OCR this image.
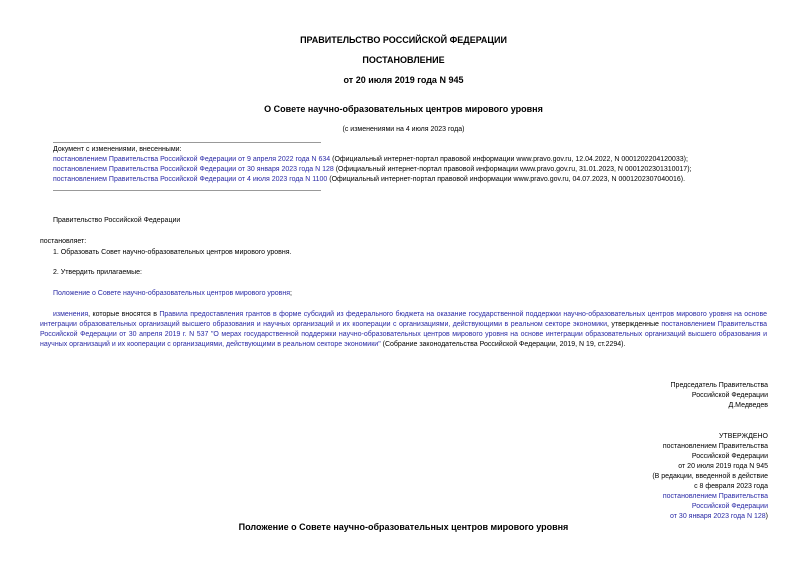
ПРАВИТЕЛЬСТВО РОССИЙСКОЙ ФЕДЕРАЦИИ
ПОСТАНОВЛЕНИЕ
от 20 июля 2019 года N 945
О Совете научно-образовательных центров мирового уровня
(с изменениями на 4 июля 2023 года)

Документ с изменениями, внесенными:

постановлением Правительства Российской Федерации от 9 апреля 2022 года N 634 (Официальный интернет-портал правовой информации www.pravo.gov.ru, 12.04.2022, N 0001202204120033);

постановлением Правительства Российской Федерации от 30 января 2023 года N 128 (Официальный интернет-портал правовой информации www.pravo.gov.ru, 31.01.2023, N 0001202301310017);

постановлением Правительства Российской Федерации от 4 июля 2023 года N 1100 (Официальный интернет-портал правовой информации www.pravo.gov.ru, 04.07.2023, N 0001202307040016).

Правительство Российской Федерации
постановляет:
1. Образовать Совет научно-образовательных центров мирового уровня.
2. Утвердить прилагаемые:
Положение о Совете научно-образовательных центров мирового уровня;
изменения, которые вносятся в Правила предоставления грантов в форме субсидий из федерального бюджета на оказание государственной поддержки научно-образовательных центров мирового уровня на основе интеграции образовательных организаций высшего образования и научных организаций и их кооперации с организациями, действующими в реальном секторе экономики, утвержденные постановлением Правительства Российской Федерации от 30 апреля 2019 г. N 537 "О мерах государственной поддержки научно-образовательных центров мирового уровня на основе интеграции образовательных организаций высшего образования и научных организаций и их кооперации с организациями, действующими в реальном секторе экономики" (Собрание законодательства Российской Федерации, 2019, N 19, ст.2294).

Председатель Правительства

Российской Федерации

Д.Медведев

УТВЕРЖДЕНО

постановлением Правительства

Российской Федерации

от 20 июля 2019 года N 945

(В редакции, введенной в действие

с 8 февраля 2023 года

постановлением Правительства

Российской Федерации

от 30 января 2023 года N 128)

Положение о Совете научно-образовательных центров мирового уровня
